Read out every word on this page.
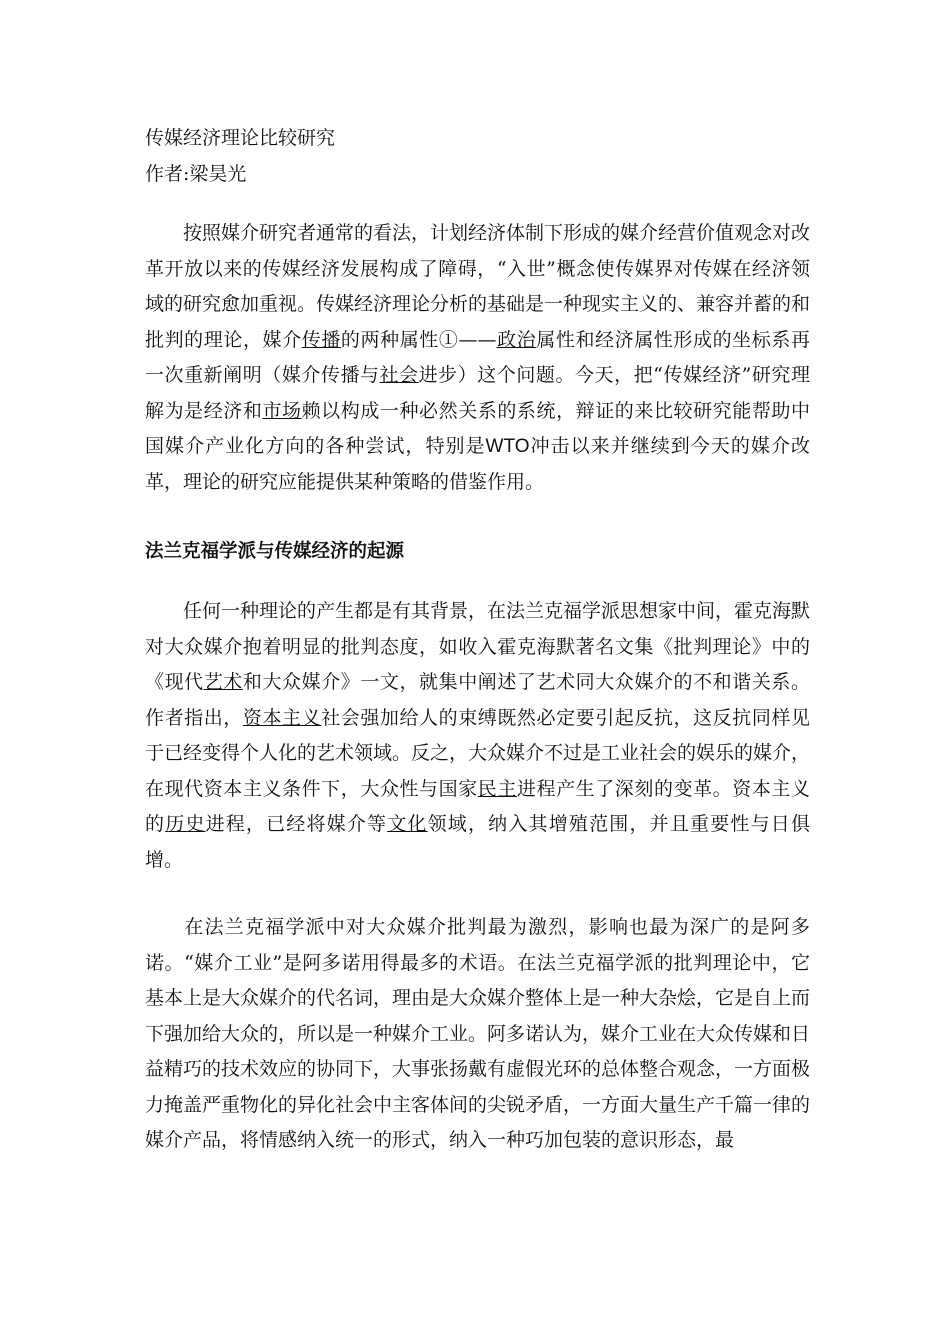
传媒经济理论比较研究
作者:梁昊光

按照媒介研究者通常的看法，计划经济体制下形成的媒介经营价值观念对改革开放以来的传媒经济发展构成了障碍，“入世”概念使传媒界对传媒在经济领域的研究愈加重视。传媒经济理论分析的基础是一种现实主义的、兼容并蓄的和批判的理论，媒介传播的两种属性①——政治属性和经济属性形成的坐标系再一次重新阐明（媒介传播与社会进步）这个问题。今天，把“传媒经济”研究理解为是经济和市场赖以构成一种必然关系的系统，辩证的来比较研究能帮助中国媒介产业化方向的各种尝试，特别是WTO冲击以来并继续到今天的媒介改革，理论的研究应能提供某种策略的借鉴作用。

法兰克福学派与传媒经济的起源

任何一种理论的产生都是有其背景，在法兰克福学派思想家中间，霍克海默对大众媒介抱着明显的批判态度，如收入霍克海默著名文集《批判理论》中的《现代艺术和大众媒介》一文，就集中阐述了艺术同大众媒介的不和谐关系。作者指出，资本主义社会强加给人的束缚既然必定要引起反抗，这反抗同样见于已经变得个人化的艺术领域。反之，大众媒介不过是工业社会的娱乐的媒介，在现代资本主义条件下，大众性与国家民主进程产生了深刻的变革。资本主义的历史进程，已经将媒介等文化领域，纳入其增殖范围，并且重要性与日俱增。

在法兰克福学派中对大众媒介批判最为激烈，影响也最为深广的是阿多诺。“媒介工业”是阿多诺用得最多的术语。在法兰克福学派的批判理论中，它基本上是大众媒介的代名词，理由是大众媒介整体上是一种大杂烩，它是自上而下强加给大众的，所以是一种媒介工业。阿多诺认为，媒介工业在大众传媒和日益精巧的技术效应的协同下，大事张扬戴有虚假光环的总体整合观念，一方面极力掩盖严重物化的异化社会中主客体间的尖锐矛盾，一方面大量生产千篇一律的媒介产品，将情感纳入统一的形式，纳入一种巧加包装的意识形态，最
